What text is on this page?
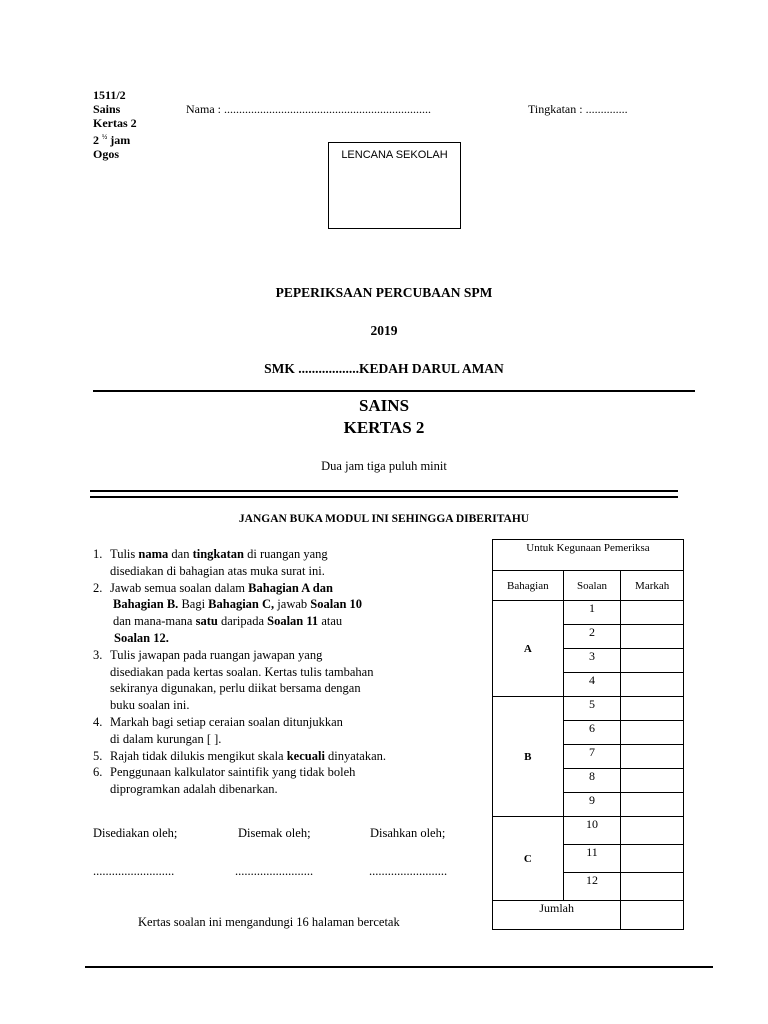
1511/2
Sains
Kertas 2
2 $^{\frac{1}{2}}$ jam
Ogos
Nama : .....................................................................	Tingkatan : ..............
LENCANA SEKOLAH
PEPERIKSAAN PERCUBAAN SPM
2019
SMK ..................KEDAH DARUL AMAN
SAINS
KERTAS 2
Dua jam tiga puluh minit
JANGAN BUKA MODUL INI SEHINGGA DIBERITAHU
1. Tulis nama dan tingkatan di ruangan yang
disediakan di bahagian atas muka surat ini.
2. Jawab semua soalan dalam Bahagian A dan
Bahagian B. Bagi Bahagian C, jawab Soalan 10
dan mana-mana satu daripada Soalan 11 atau
Soalan 12.
3. Tulis jawapan pada ruangan jawapan yang
disediakan pada kertas soalan. Kertas tulis tambahan
sekiranya digunakan, perlu diikat bersama dengan
buku soalan ini.
4. Markah bagi setiap ceraian soalan ditunjukkan
di dalam kurungan [ ].
5. Rajah tidak dilukis mengikut skala kecuali dinyatakan.
6. Penggunaan kalkulator saintifik yang tidak boleh
diprogramkan adalah dibenarkan.
Disediakan oleh;	Disemak oleh;	Disahkan oleh;
..........................	.........................	.........................
Kertas soalan ini mengandungi 16 halaman bercetak
Untuk Kegunaan Pemeriksa		
Bahagian	Soalan	Markah
A	1	
	2	
	3	
	4	
B	5	
	6	
	7	
	8	
	9	
C	10	
	11	
	12	
Jumlah		
